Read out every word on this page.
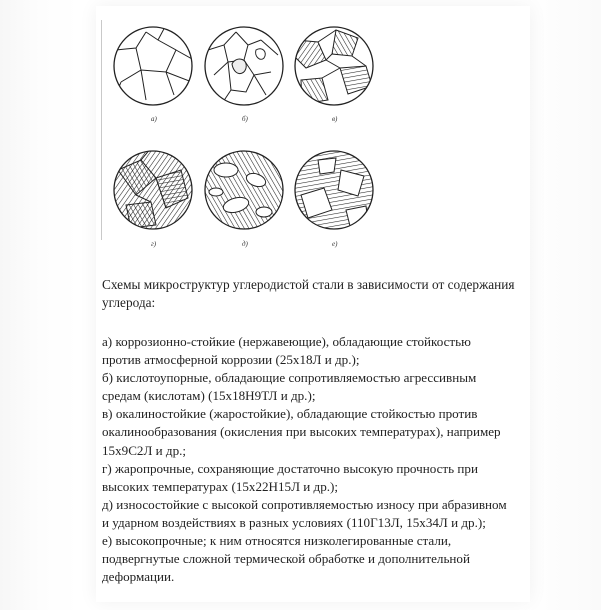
а)	б)	в)
г)	д)	е)
Схемы микроструктур углеродистой стали в зависимости от содержания
углерода:
а) коррозионно-стойкие (нержавеющие), обладающие стойкостью
против атмосферной коррозии (25х18Л и др.);
б) кислотоупорные, обладающие сопротивляемостью агрессивным
средам (кислотам) (15х18Н9ТЛ и др.);
в) окалиностойкие (жаростойкие), обладающие стойкостью против
окалинообразования (окисления при высоких температурах), например
15х9С2Л и др.;
г) жаропрочные, сохраняющие достаточно высокую прочность при
высоких температурах (15х22Н15Л и др.);
д) износостойкие с высокой сопротивляемостью износу при абразивном
и ударном воздействиях в разных условиях (110Г13Л, 15х34Л и др.);
е) высокопрочные; к ним относятся низколегированные стали,
подвергнутые сложной термической обработке и дополнительной
деформации.
